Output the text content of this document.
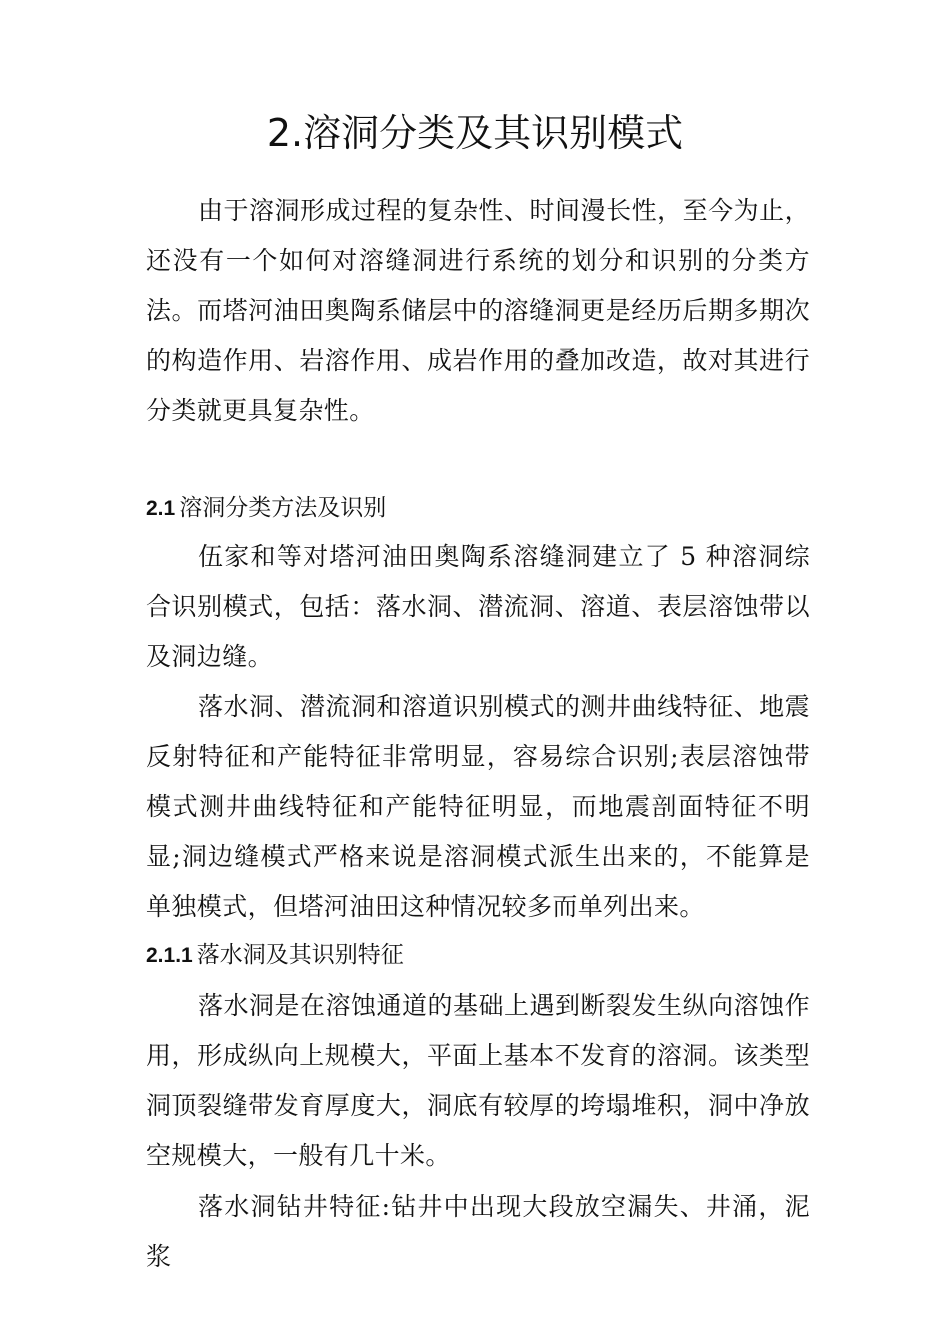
2.溶洞分类及其识别模式

由于溶洞形成过程的复杂性、时间漫长性，至今为止，还没有一个如何对溶缝洞进行系统的划分和识别的分类方法。而塔河油田奥陶系储层中的溶缝洞更是经历后期多期次的构造作用、岩溶作用、成岩作用的叠加改造，故对其进行分类就更具复杂性。

2.1 溶洞分类方法及识别

伍家和等对塔河油田奥陶系溶缝洞建立了 5 种溶洞综合识别模式，包括：落水洞、潜流洞、溶道、表层溶蚀带以及洞边缝。

落水洞、潜流洞和溶道识别模式的测井曲线特征、地震反射特征和产能特征非常明显，容易综合识别;表层溶蚀带模式测井曲线特征和产能特征明显，而地震剖面特征不明显;洞边缝模式严格来说是溶洞模式派生出来的，不能算是单独模式，但塔河油田这种情况较多而单列出来。

2.1.1 落水洞及其识别特征

落水洞是在溶蚀通道的基础上遇到断裂发生纵向溶蚀作用，形成纵向上规模大，平面上基本不发育的溶洞。该类型洞顶裂缝带发育厚度大，洞底有较厚的垮塌堆积，洞中净放空规模大，一般有几十米。

落水洞钻井特征:钻井中出现大段放空漏失、井涌，泥浆
